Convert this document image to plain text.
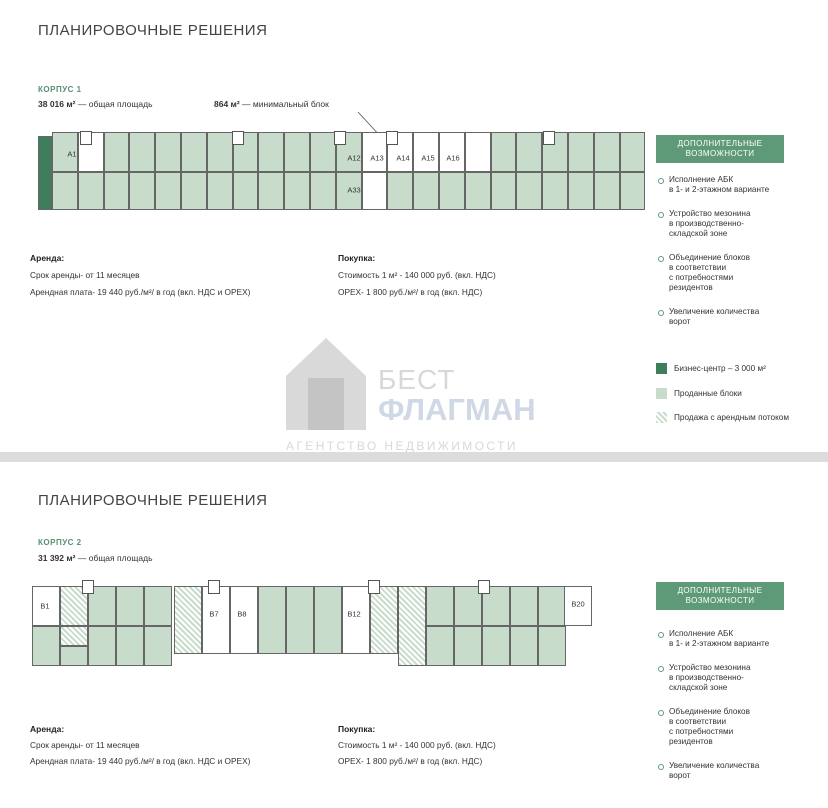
ПЛАНИРОВОЧНЫЕ РЕШЕНИЯ
КОРПУС 1
38 016 м² — общая площадь	864 м² — минимальный блок
A1	A12 A13 A14 A15 A16
A33
Аренда:
Срок аренды- от 11 месяцев
Арендная плата- 19 440 руб./м²/ в год (вкл. НДС и OPEX)
Покупка:
Стоимость 1 м² - 140 000 руб. (вкл. НДС)
OPEX- 1 800 руб./м²/ в год (вкл. НДС)
ДОПОЛНИТЕЛЬНЫЕ
ВОЗМОЖНОСТИ
Исполнение АБК
в 1- и 2-этажном варианте
Устройство мезонина
в производственно-
складской зоне
Объединение блоков
в соответствии
с потребностями
резидентов
Увеличение количества
ворот
Бизнес-центр – 3 000 м²
Проданные блоки
Продажа с арендным потоком
БЕСТ
ФЛАГМАН
АГЕНТСТВО НЕДВИЖИМОСТИ
ПЛАНИРОВОЧНЫЕ РЕШЕНИЯ
КОРПУС 2
31 392 м² — общая площадь
B1
B7	B8	B12
B20
Аренда:
Срок аренды- от 11 месяцев
Арендная плата- 19 440 руб./м²/ в год (вкл. НДС и OPEX)
Покупка:
Стоимость 1 м² - 140 000 руб. (вкл. НДС)
OPEX- 1 800 руб./м²/ в год (вкл. НДС)
ДОПОЛНИТЕЛЬНЫЕ
ВОЗМОЖНОСТИ
Исполнение АБК
в 1- и 2-этажном варианте
Устройство мезонина
в производственно-
складской зоне
Объединение блоков
в соответствии
с потребностями
резидентов
Увеличение количества
ворот
